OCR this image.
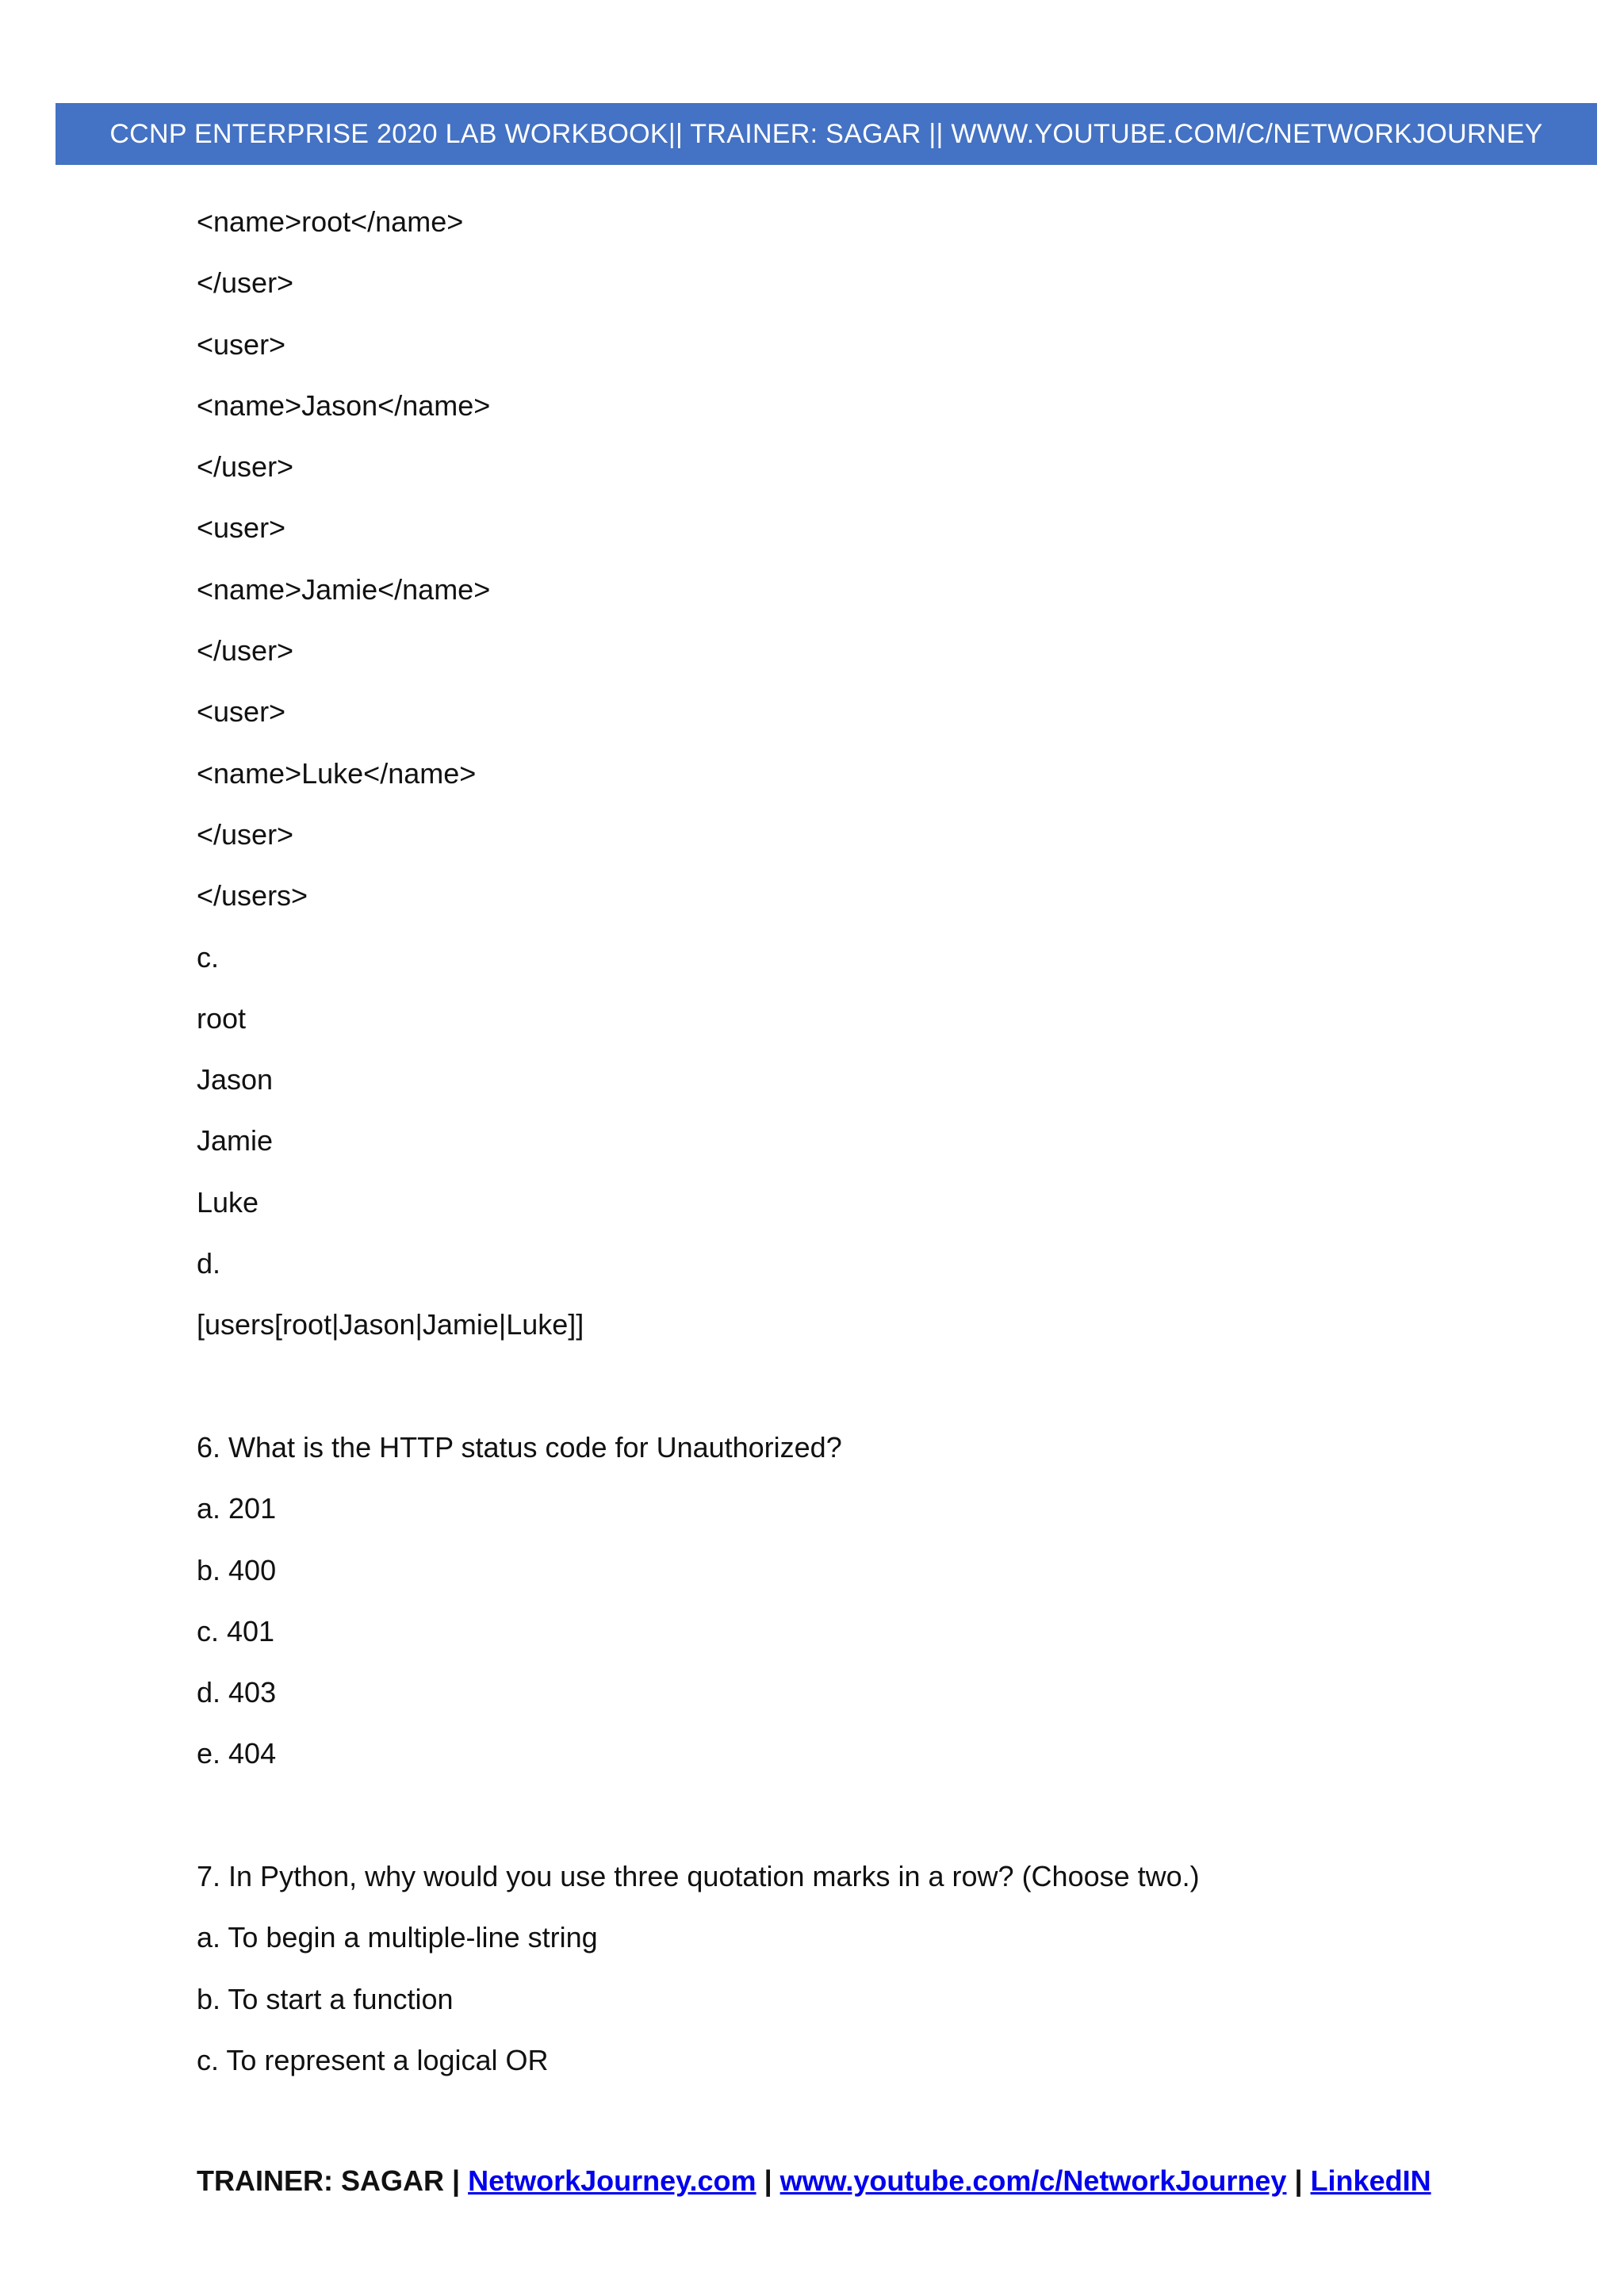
CCNP ENTERPRISE 2020 LAB WORKBOOK|| TRAINER: SAGAR || WWW.YOUTUBE.COM/C/NETWORKJOURNEY
<name>root</name>
</user>
<user>
<name>Jason</name>
</user>
<user>
<name>Jamie</name>
</user>
<user>
<name>Luke</name>
</user>
</users>
c.
root
Jason
Jamie
Luke
d.
[users[root|Jason|Jamie|Luke]]
6. What is the HTTP status code for Unauthorized?
a. 201
b. 400
c. 401
d. 403
e. 404
7. In Python, why would you use three quotation marks in a row? (Choose two.)
a. To begin a multiple-line string
b. To start a function
c. To represent a logical OR
TRAINER: SAGAR | NetworkJourney.com | www.youtube.com/c/NetworkJourney | LinkedIN
